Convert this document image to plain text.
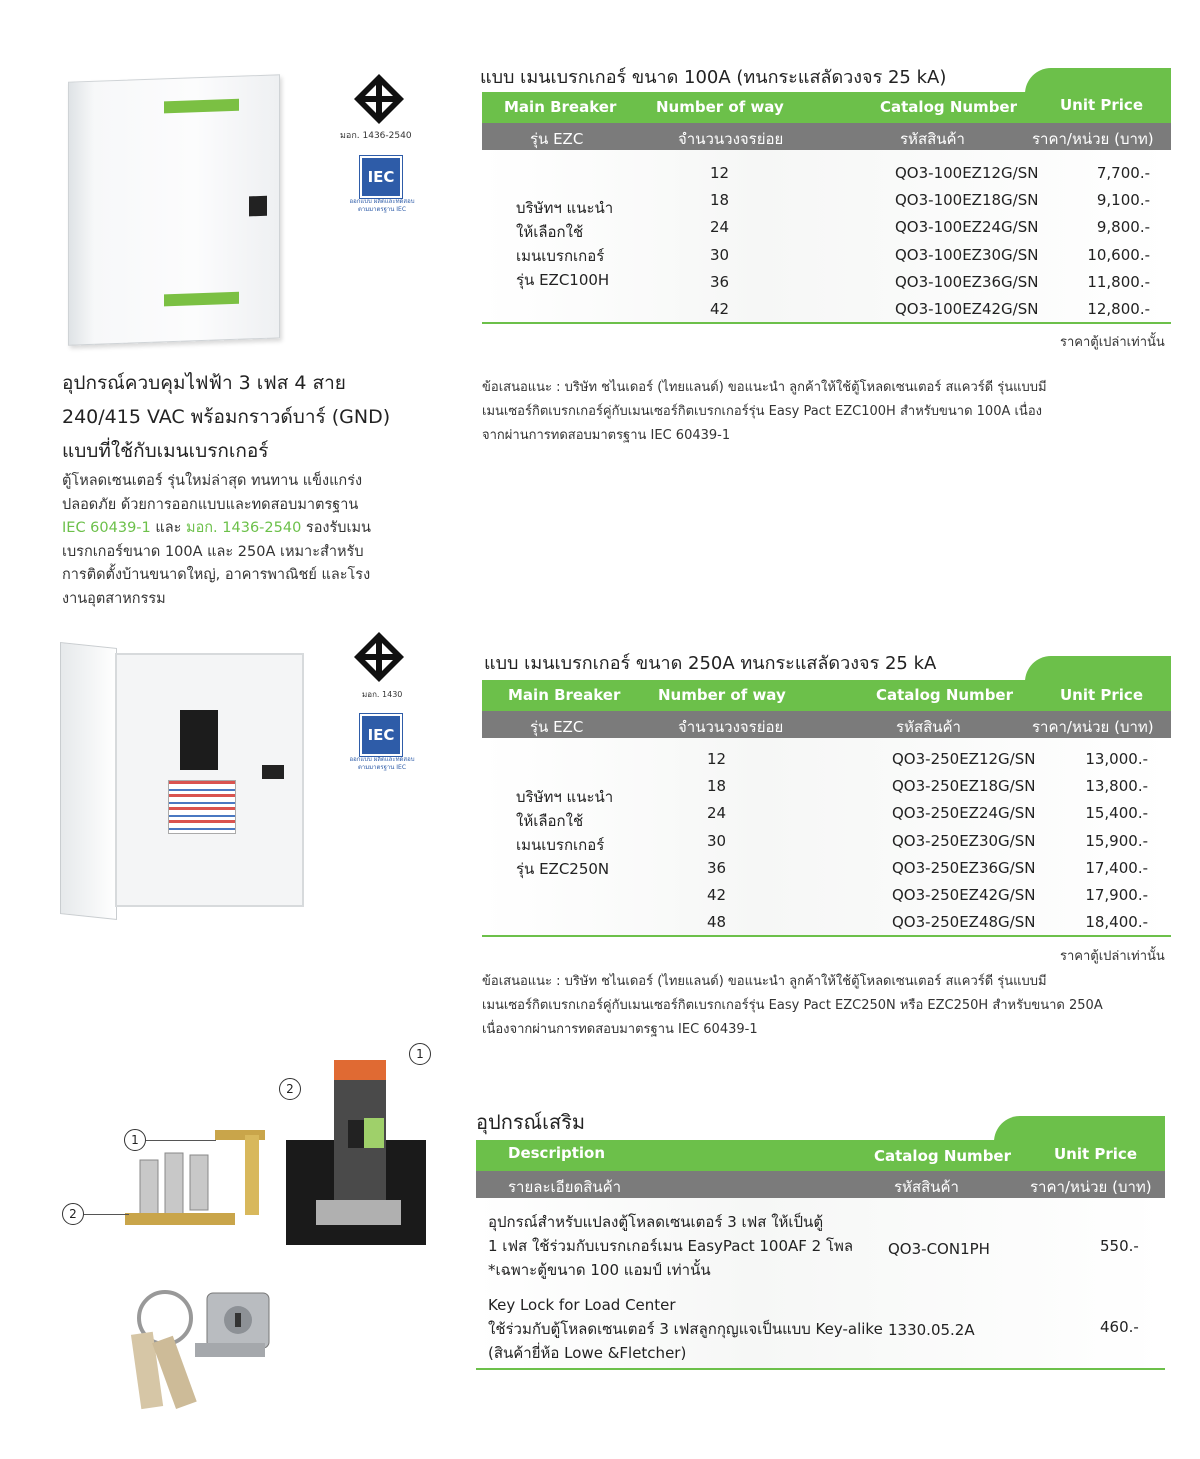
มอก. 1436-2540
IEC
ออกแบบ ผลิตและทดสอบ ตามมาตรฐาน IEC
อุปกรณ์ควบคุมไฟฟ้า 3 เฟส 4 สาย
240/415 VAC พร้อมกราวด์บาร์ (GND)
แบบที่ใช้กับเมนเบรกเกอร์
ตู้โหลดเซนเตอร์ รุ่นใหม่ล่าสุด ทนทาน แข็งแกร่ง
ปลอดภัย ด้วยการออกแบบและทดสอบมาตรฐาน
IEC 60439-1 และ มอก. 1436-2540 รองรับเมน
เบรกเกอร์ขนาด 100A และ 250A เหมาะสำหรับ
การติดตั้งบ้านขนาดใหญ่, อาคารพาณิชย์ และโรง
งานอุตสาหกรรม
มอก. 1430
IEC
ออกแบบ ผลิตและทดสอบ ตามมาตรฐาน IEC
1
2
1
2
แบบ เมนเบรกเกอร์ ขนาด 100A (ทนกระแสลัดวงจร 25 kA)
Main Breaker	Number of way	Catalog Number	Unit Price
รุ่น EZC	จำนวนวงจรย่อย	รหัสสินค้า	ราคา/หน่วย (บาท)
บริษัทฯ แนะนำ
ให้เลือกใช้
เมนเบรกเกอร์
รุ่น EZC100H
12	QO3-100EZ12G/SN	7,700.-
18	QO3-100EZ18G/SN	9,100.-
24	QO3-100EZ24G/SN	9,800.-
30	QO3-100EZ30G/SN	10,600.-
36	QO3-100EZ36G/SN	11,800.-
42	QO3-100EZ42G/SN	12,800.-
ราคาตู้เปล่าเท่านั้น
ข้อเสนอแนะ : บริษัท ชไนเดอร์ (ไทยแลนด์) ขอแนะนำ ลูกค้าให้ใช้ตู้โหลดเซนเตอร์ สแควร์ดี รุ่นแบบมี
เมนเซอร์กิตเบรกเกอร์คู่กับเมนเซอร์กิตเบรกเกอร์รุ่น Easy Pact EZC100H สำหรับขนาด 100A เนื่อง
จากผ่านการทดสอบมาตรฐาน IEC 60439-1
แบบ เมนเบรกเกอร์ ขนาด 250A ทนกระแสลัดวงจร 25 kA
Main Breaker	Number of way	Catalog Number	Unit Price
รุ่น EZC	จำนวนวงจรย่อย	รหัสสินค้า	ราคา/หน่วย (บาท)
บริษัทฯ แนะนำ
ให้เลือกใช้
เมนเบรกเกอร์
รุ่น EZC250N
12	QO3-250EZ12G/SN	13,000.-
18	QO3-250EZ18G/SN	13,800.-
24	QO3-250EZ24G/SN	15,400.-
30	QO3-250EZ30G/SN	15,900.-
36	QO3-250EZ36G/SN	17,400.-
42	QO3-250EZ42G/SN	17,900.-
48	QO3-250EZ48G/SN	18,400.-
ราคาตู้เปล่าเท่านั้น
ข้อเสนอแนะ : บริษัท ชไนเดอร์ (ไทยแลนด์) ขอแนะนำ ลูกค้าให้ใช้ตู้โหลดเซนเตอร์ สแควร์ดี รุ่นแบบมี
เมนเซอร์กิตเบรกเกอร์คู่กับเมนเซอร์กิตเบรกเกอร์รุ่น Easy Pact EZC250N หรือ EZC250H สำหรับขนาด 250A
เนื่องจากผ่านการทดสอบมาตรฐาน IEC 60439-1
อุปกรณ์เสริม
Description	Catalog Number	Unit Price
รายละเอียดสินค้า	รหัสสินค้า	ราคา/หน่วย (บาท)
อุปกรณ์สำหรับแปลงตู้โหลดเซนเตอร์ 3 เฟส ให้เป็นตู้
1 เฟส ใช้ร่วมกับเบรกเกอร์เมน EasyPact 100AF 2 โพล
*เฉพาะตู้ขนาด 100 แอมป์ เท่านั้น
QO3-CON1PH	550.-
Key Lock for Load Center
ใช้ร่วมกับตู้โหลดเซนเตอร์ 3 เฟสลูกกุญแจเป็นแบบ Key-alike
(สินค้ายี่ห้อ Lowe &Fletcher)
1330.05.2A	460.-
